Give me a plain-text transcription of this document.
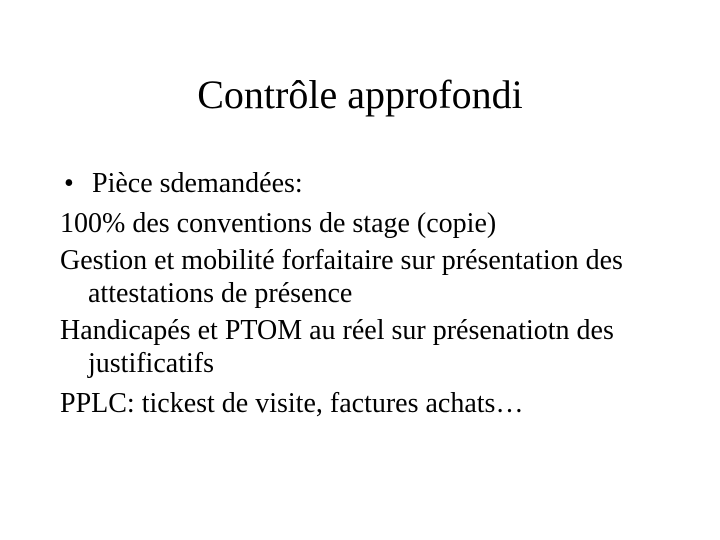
Contrôle approfondi
• Pièce sdemandées:

100% des conventions de stage (copie)

Gestion et mobilité forfaitaire sur présentation des attestations de présence

Handicapés et PTOM au réel sur présenatiotn des justificatifs

PPLC: tickest de visite, factures achats…
